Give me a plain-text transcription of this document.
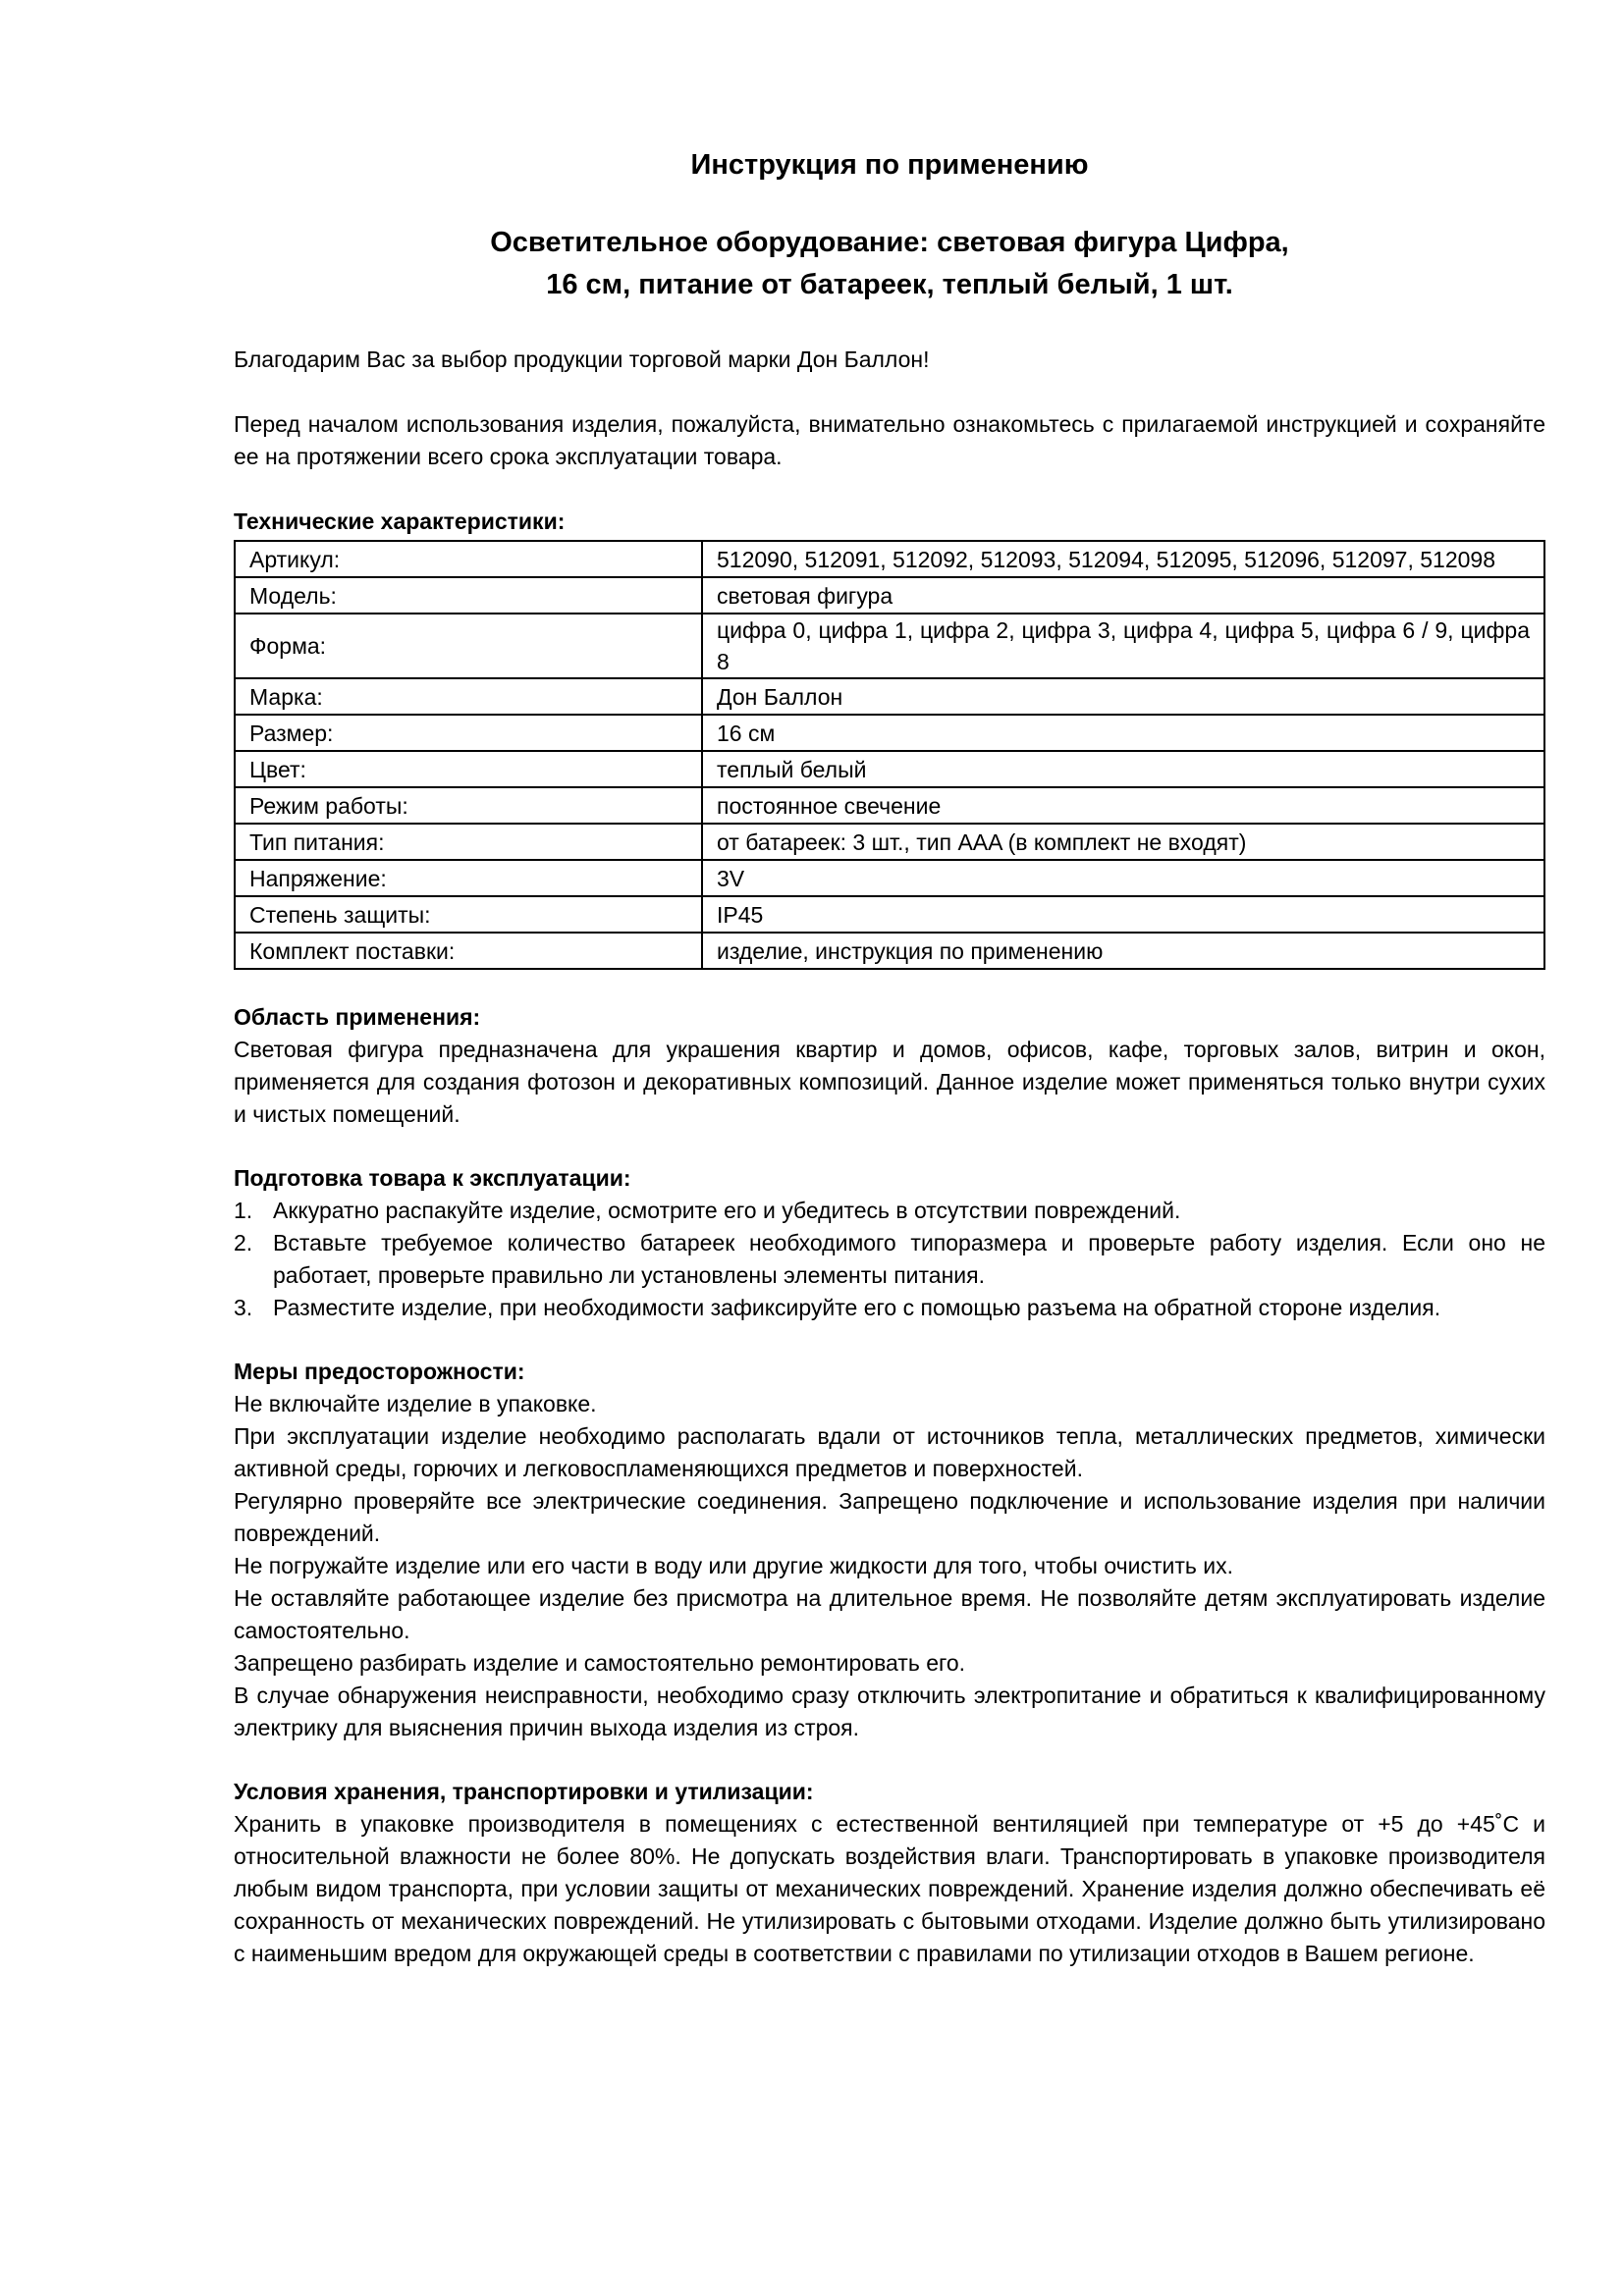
Инструкция по применению
Осветительное оборудование: световая фигура Цифра,
16 см, питание от батареек, теплый белый, 1 шт.

Благодарим Вас за выбор продукции торговой марки Дон Баллон!

Перед началом использования изделия, пожалуйста, внимательно ознакомьтесь с прилагаемой инструкцией и сохраняйте ее на протяжении всего срока эксплуатации товара.

Технические характеристики:
Артикул:	512090, 512091, 512092, 512093, 512094, 512095, 512096, 512097, 512098
Модель:	световая фигура
Форма:	цифра 0, цифра 1, цифра 2, цифра 3, цифра 4, цифра 5, цифра 6 / 9, цифра 8
Марка:	Дон Баллон
Размер:	16 см
Цвет:	теплый белый
Режим работы:	постоянное свечение
Тип питания:	от батареек: 3 шт., тип AAA (в комплект не входят)
Напряжение:	3V
Степень защиты:	IP45
Комплект поставки:	изделие, инструкция по применению
Область применения:

Световая фигура предназначена для украшения квартир и домов, офисов, кафе, торговых залов, витрин и окон, применяется для создания фотозон и декоративных композиций. Данное изделие может применяться только внутри сухих и чистых помещений.

Подготовка товара к эксплуатации:
1. Аккуратно распакуйте изделие, осмотрите его и убедитесь в отсутствии повреждений.
2. Вставьте требуемое количество батареек необходимого типоразмера и проверьте работу изделия. Если оно не работает, проверьте правильно ли установлены элементы питания.
3. Разместите изделие, при необходимости зафиксируйте его с помощью разъема на обратной стороне изделия.
Меры предосторожности:

Не включайте изделие в упаковке.

При эксплуатации изделие необходимо располагать вдали от источников тепла, металлических предметов, химически активной среды, горючих и легковоспламеняющихся предметов и поверхностей.

Регулярно проверяйте все электрические соединения. Запрещено подключение и использование изделия при наличии повреждений.

Не погружайте изделие или его части в воду или другие жидкости для того, чтобы очистить их.

Не оставляйте работающее изделие без присмотра на длительное время. Не позволяйте детям эксплуатировать изделие самостоятельно.

Запрещено разбирать изделие и самостоятельно ремонтировать его.

В случае обнаружения неисправности, необходимо сразу отключить электропитание и обратиться к квалифицированному электрику для выяснения причин выхода изделия из строя.

Условия хранения, транспортировки и утилизации:

Хранить в упаковке производителя в помещениях с естественной вентиляцией при температуре от +5 до +45˚С и относительной влажности не более 80%. Не допускать воздействия влаги. Транспортировать в упаковке производителя любым видом транспорта, при условии защиты от механических повреждений. Хранение изделия должно обеспечивать её сохранность от механических повреждений. Не утилизировать с бытовыми отходами. Изделие должно быть утилизировано с наименьшим вредом для окружающей среды в соответствии с правилами по утилизации отходов в Вашем регионе.
